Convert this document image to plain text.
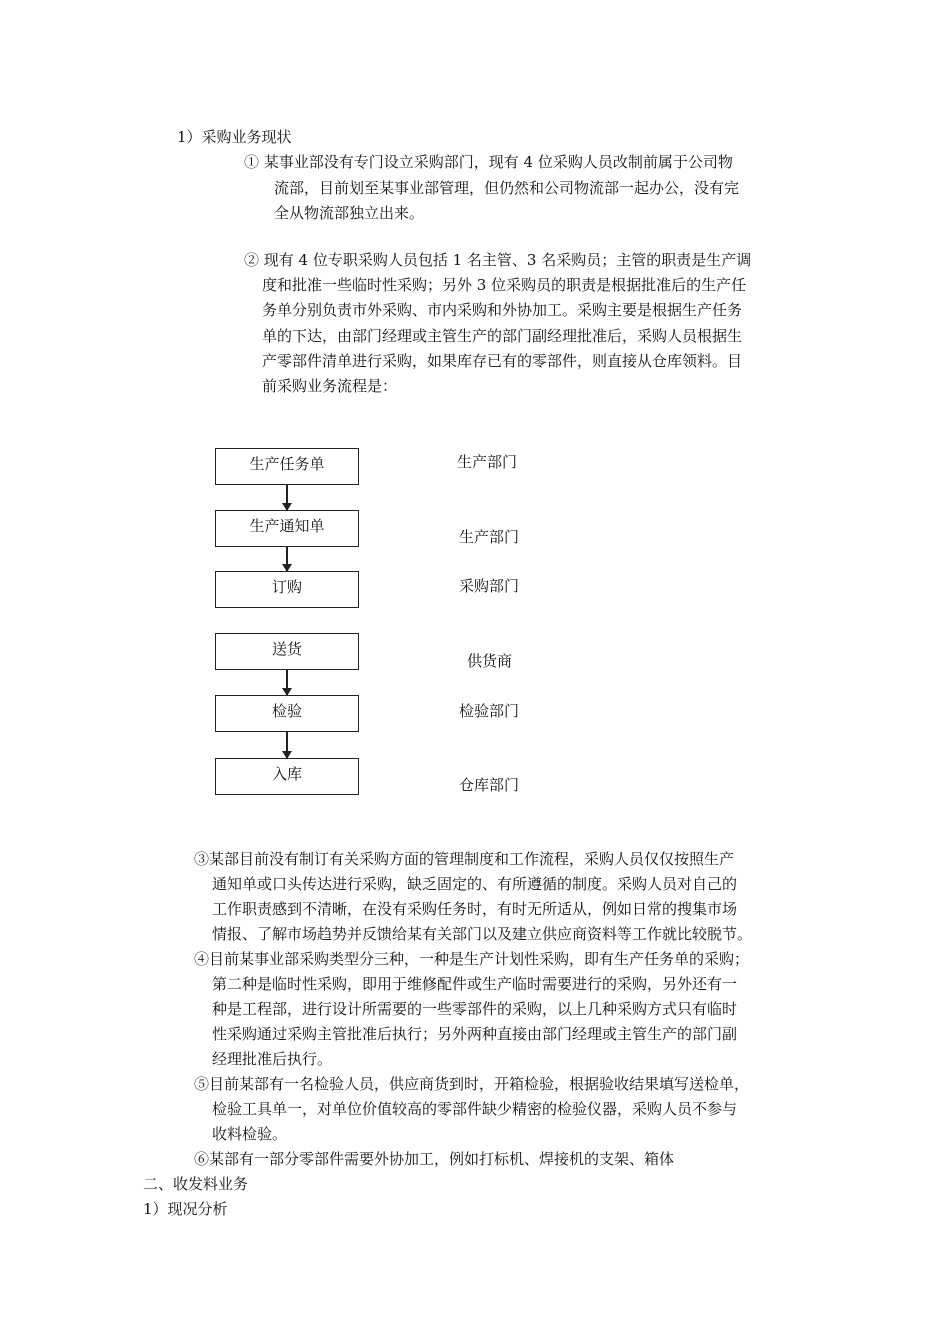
1）采购业务现状
① 某事业部没有专门设立采购部门，现有 4 位采购人员改制前属于公司物
流部，目前划至某事业部管理，但仍然和公司物流部一起办公，没有完
全从物流部独立出来。
② 现有 4 位专职采购人员包括 1 名主管、3 名采购员；主管的职责是生产调
度和批准一些临时性采购；另外 3 位采购员的职责是根据批准后的生产任
务单分别负责市外采购、市内采购和外协加工。采购主要是根据生产任务
单的下达，由部门经理或主管生产的部门副经理批准后，采购人员根据生
产零部件清单进行采购，如果库存已有的零部件，则直接从仓库领料。目
前采购业务流程是：
生产任务单
生产通知单
订购
送货
检验
入库
生产部门
生产部门
采购部门
供货商
检验部门
仓库部门
③某部目前没有制订有关采购方面的管理制度和工作流程，采购人员仅仅按照生产
通知单或口头传达进行采购，缺乏固定的、有所遵循的制度。采购人员对自己的
工作职责感到不清晰，在没有采购任务时，有时无所适从，例如日常的搜集市场
情报、了解市场趋势并反馈给某有关部门以及建立供应商资料等工作就比较脱节。
④目前某事业部采购类型分三种，一种是生产计划性采购，即有生产任务单的采购；
第二种是临时性采购，即用于维修配件或生产临时需要进行的采购，另外还有一
种是工程部，进行设计所需要的一些零部件的采购，以上几种采购方式只有临时
性采购通过采购主管批准后执行；另外两种直接由部门经理或主管生产的部门副
经理批准后执行。
⑤目前某部有一名检验人员，供应商货到时，开箱检验，根据验收结果填写送检单，
检验工具单一，对单位价值较高的零部件缺少精密的检验仪器，采购人员不参与
收料检验。
⑥某部有一部分零部件需要外协加工，例如打标机、焊接机的支架、箱体
二、收发料业务
1）现况分析
